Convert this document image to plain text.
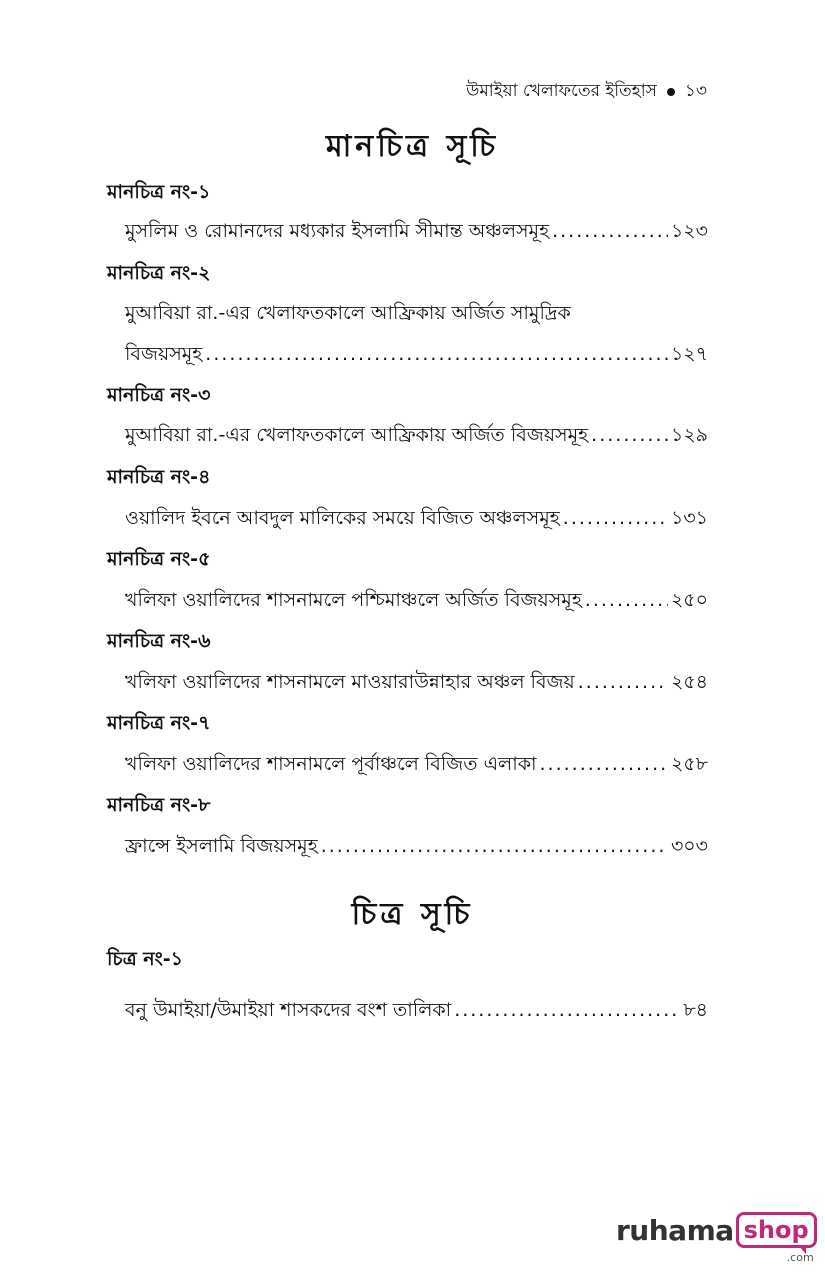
উমাইয়া খেলাফতের ইতিহাস ১৩
মানচিত্র সূচি
মানচিত্র নং-১
মুসলিম ও রোমানদের মধ্যকার ইসলামি সীমান্ত অঞ্চলসমূহ .....	১২৩
মানচিত্র নং-২
মুআবিয়া রা.-এর খেলাফতকালে আফ্রিকায় অর্জিত সামুদ্রিক
বিজয়সমূহ .....	১২৭
মানচিত্র নং-৩
মুআবিয়া রা.-এর খেলাফতকালে আফ্রিকায় অর্জিত বিজয়সমূহ .....	১২৯
মানচিত্র নং-৪
ওয়ালিদ ইবনে আবদুল মালিকের সময়ে বিজিত অঞ্চলসমূহ .....	১৩১
মানচিত্র নং-৫
খলিফা ওয়ালিদের শাসনামলে পশ্চিমাঞ্চলে অর্জিত বিজয়সমূহ .....	২৫০
মানচিত্র নং-৬
খলিফা ওয়ালিদের শাসনামলে মাওয়ারাউন্নাহার অঞ্চল বিজয় .....	২৫৪
মানচিত্র নং-৭
খলিফা ওয়ালিদের শাসনামলে পূর্বাঞ্চলে বিজিত এলাকা .....	২৫৮
মানচিত্র নং-৮
ফ্রান্সে ইসলামি বিজয়সমূহ .....	৩০৩
চিত্র সূচি
চিত্র নং-১
বনু উমাইয়া/উমাইয়া শাসকদের বংশ তালিকা .....	৮৪
ruhama shop
.com
